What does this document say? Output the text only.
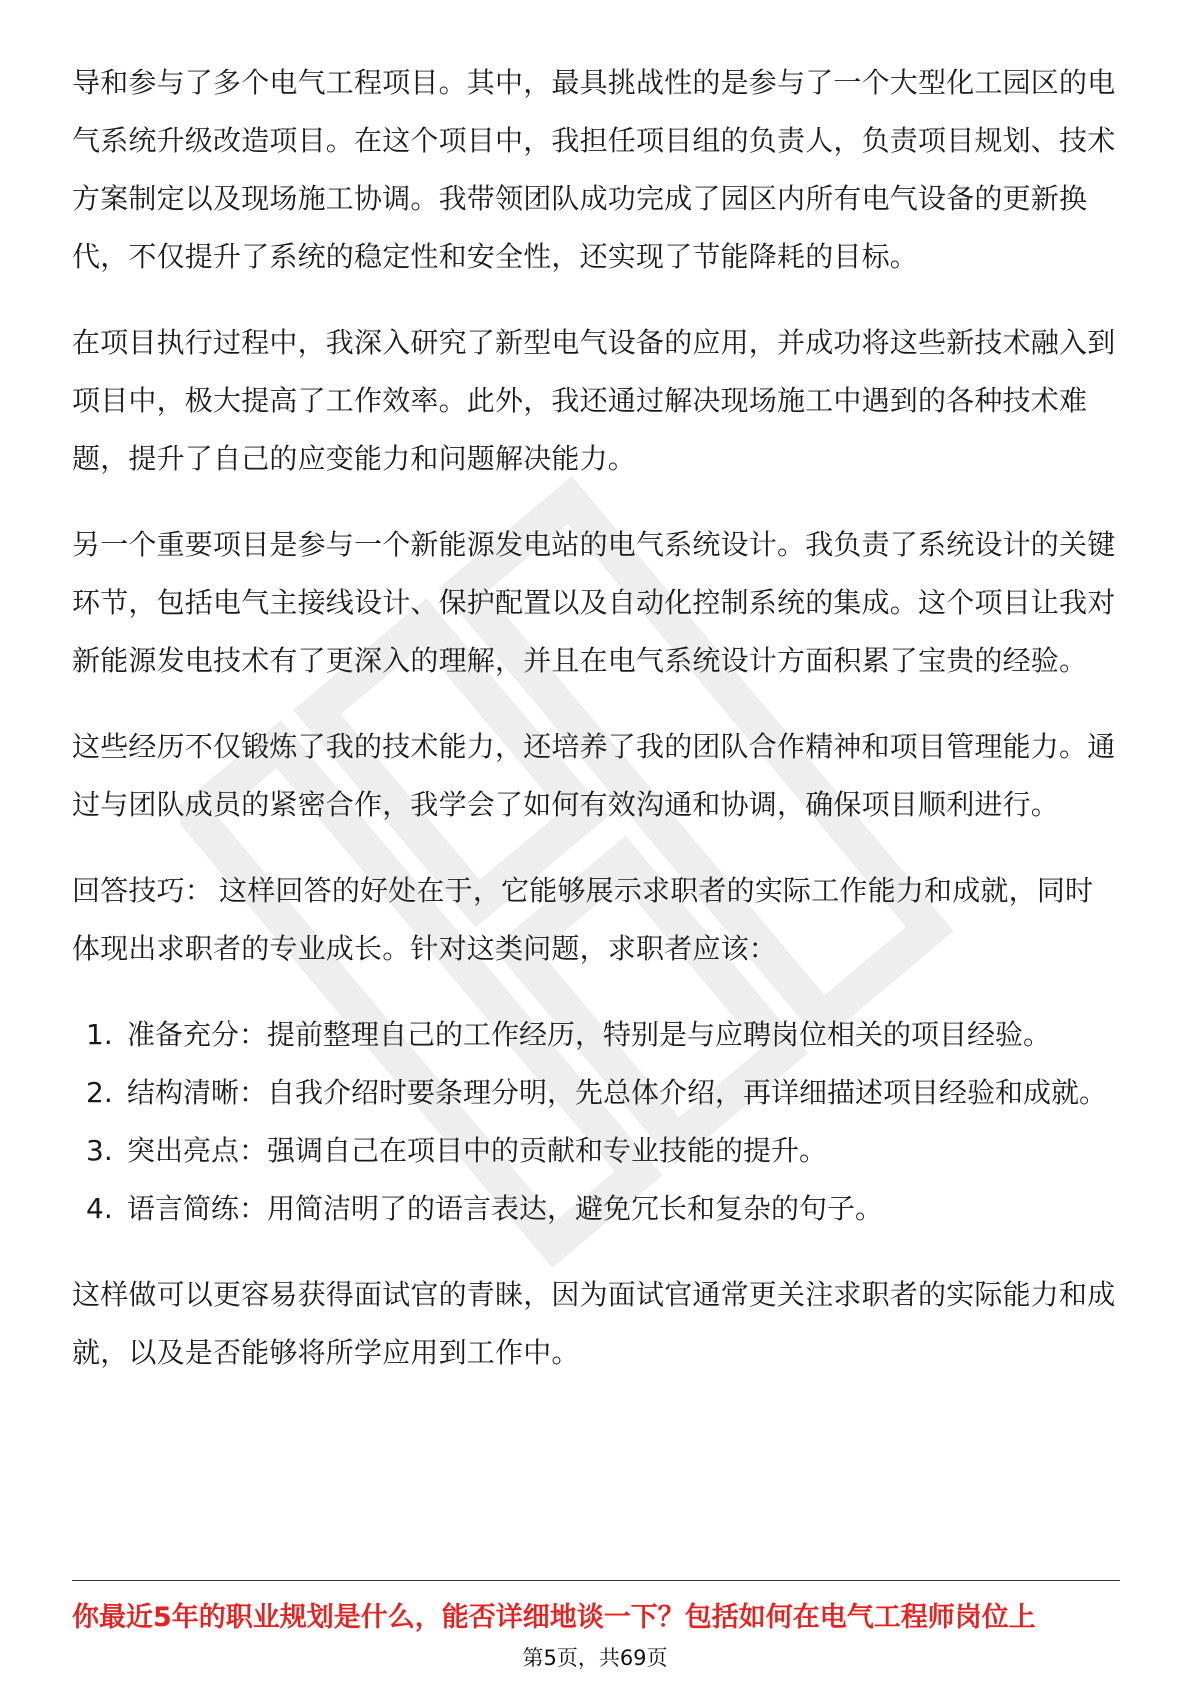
导和参与了多个电气工程项目。其中，最具挑战性的是参与了一个大型化工园区的电气系统升级改造项目。在这个项目中，我担任项目组的负责人，负责项目规划、技术方案制定以及现场施工协调。我带领团队成功完成了园区内所有电气设备的更新换代，不仅提升了系统的稳定性和安全性，还实现了节能降耗的目标。

在项目执行过程中，我深入研究了新型电气设备的应用，并成功将这些新技术融入到项目中，极大提高了工作效率。此外，我还通过解决现场施工中遇到的各种技术难题，提升了自己的应变能力和问题解决能力。

另一个重要项目是参与一个新能源发电站的电气系统设计。我负责了系统设计的关键环节，包括电气主接线设计、保护配置以及自动化控制系统的集成。这个项目让我对新能源发电技术有了更深入的理解，并且在电气系统设计方面积累了宝贵的经验。

这些经历不仅锻炼了我的技术能力，还培养了我的团队合作精神和项目管理能力。通过与团队成员的紧密合作，我学会了如何有效沟通和协调，确保项目顺利进行。

回答技巧： 这样回答的好处在于，它能够展示求职者的实际工作能力和成就，同时体现出求职者的专业成长。针对这类问题，求职者应该：

1. 准备充分：提前整理自己的工作经历，特别是与应聘岗位相关的项目经验。
2. 结构清晰：自我介绍时要条理分明，先总体介绍，再详细描述项目经验和成就。
3. 突出亮点：强调自己在项目中的贡献和专业技能的提升。
4. 语言简练：用简洁明了的语言表达，避免冗长和复杂的句子。

这样做可以更容易获得面试官的青睐，因为面试官通常更关注求职者的实际能力和成就，以及是否能够将所学应用到工作中。

你最近5年的职业规划是什么，能否详细地谈一下？包括如何在电气工程师岗位上
第5页，共69页
